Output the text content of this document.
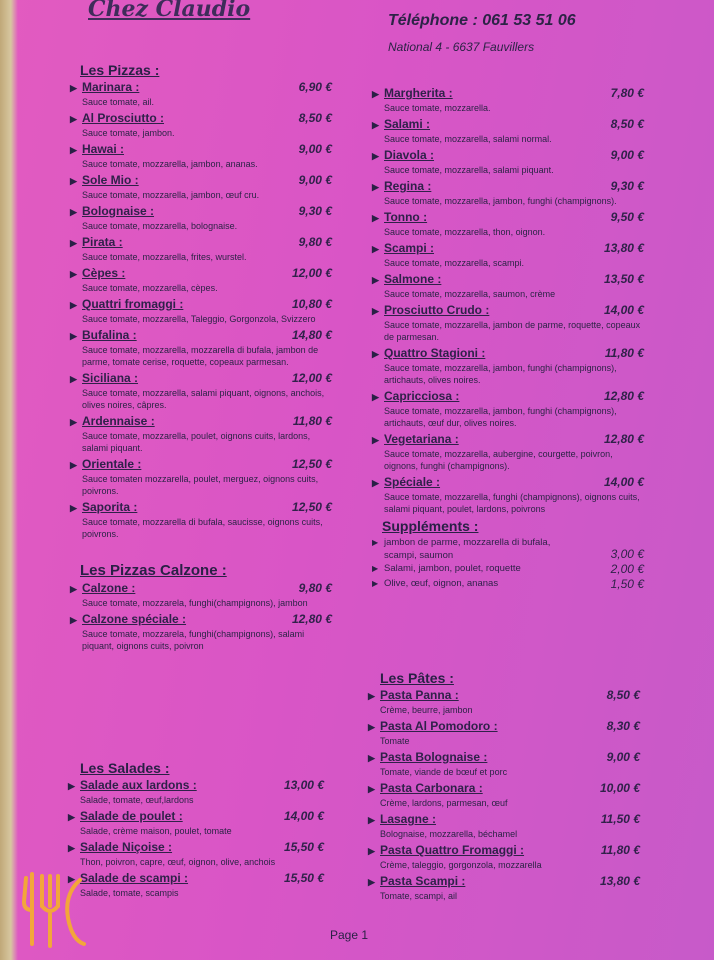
Chez Claudio	Téléphone : 061 53 51 06
National 4 - 6637 Fauvillers
Les Pizzas :
▶ Marinara :	6,90 €
Sauce tomate, ail.
▶ Al Prosciutto :	8,50 €
Sauce tomate, jambon.
▶ Hawai :	9,00 €
Sauce tomate, mozzarella, jambon, ananas.
▶ Sole Mio :	9,00 €
Sauce tomate, mozzarella, jambon, œuf cru.
▶ Bolognaise :	9,30 €
Sauce tomate, mozzarella, bolognaise.
▶ Pirata :	9,80 €
Sauce tomate, mozzarella, frites, wurstel.
▶ Cèpes :	12,00 €
Sauce tomate, mozzarella, cèpes.
▶ Quattri fromaggi :	10,80 €
Sauce tomate, mozzarella, Taleggio, Gorgonzola, Svizzero
▶ Bufalina :	14,80 €
Sauce tomate, mozzarella, mozzarella di bufala, jambon de parme, tomate cerise, roquette, copeaux parmesan.
▶ Siciliana :	12,00 €
Sauce tomate, mozzarella, salami piquant, oignons, anchois, olives noires, câpres.
▶ Ardennaise :	11,80 €
Sauce tomate, mozzarella, poulet, oignons cuits, lardons, salami piquant.
▶ Orientale :	12,50 €
Sauce tomaten mozzarella, poulet, merguez, oignons cuits, poivrons.
▶ Saporita :	12,50 €
Sauce tomate, mozzarella di bufala, saucisse, oignons cuits, poivrons.
▶ Margherita :	7,80 €
Sauce tomate, mozzarella.
▶ Salami :	8,50 €
Sauce tomate, mozzarella, salami normal.
▶ Diavola :	9,00 €
Sauce tomate, mozzarella, salami piquant.
▶ Regina :	9,30 €
Sauce tomate, mozzarella, jambon, funghi (champignons).
▶ Tonno :	9,50 €
Sauce tomate, mozzarella, thon, oignon.
▶ Scampi :	13,80 €
Sauce tomate, mozzarella, scampi.
▶ Salmone :	13,50 €
Sauce tomate, mozzarella, saumon, crème
▶ Prosciutto Crudo :	14,00 €
Sauce tomate, mozzarella, jambon de parme, roquette, copeaux de parmesan.
▶ Quattro Stagioni :	11,80 €
Sauce tomate, mozzarella, jambon, funghi (champignons), artichauts, olives noires.
▶ Capricciosa :	12,80 €
Sauce tomate, mozzarella, jambon, funghi (champignons), artichauts, œuf dur, olives noires.
▶ Vegetariana :	12,80 €
Sauce tomate, mozzarella, aubergine, courgette, poivron, oignons, funghi (champignons).
▶ Spéciale :	14,00 €
Sauce tomate, mozzarella, funghi (champignons), oignons cuits, salami piquant, poulet, lardons, poivrons
Suppléments :
▶ jambon de parme, mozzarella di bufala, scampi, saumon	3,00 €
▶ Salami, jambon, poulet, roquette	2,00 €
▶ Olive, œuf, oignon, ananas	1,50 €
Les Pizzas Calzone :
▶ Calzone :	9,80 €
Sauce tomate, mozzarela, funghi(champignons), jambon
▶ Calzone spéciale :	12,80 €
Sauce tomate, mozzarela, funghi(champignons), salami piquant, oignons cuits, poivron
Les Pâtes :
▶ Pasta Panna :	8,50 €
Crème, beurre, jambon
▶ Pasta Al Pomodoro :	8,30 €
Tomate
▶ Pasta Bolognaise :	9,00 €
Tomate, viande de bœuf et porc
▶ Pasta Carbonara :	10,00 €
Crème, lardons, parmesan, œuf
▶ Lasagne :	11,50 €
Bolognaise, mozzarella, béchamel
▶ Pasta Quattro Fromaggi :	11,80 €
Crème, taleggio, gorgonzola, mozzarella
▶ Pasta Scampi :	13,80 €
Tomate, scampi, ail
Les Salades :
▶ Salade aux lardons :	13,00 €
Salade, tomate, œuf,lardons
▶ Salade de poulet :	14,00 €
Salade, crème maison, poulet, tomate
▶ Salade Niçoise :	15,50 €
Thon, poivron, capre, œuf, oignon, olive, anchois
▶ Salade de scampi :	15,50 €
Salade, tomate, scampis
Page 1
